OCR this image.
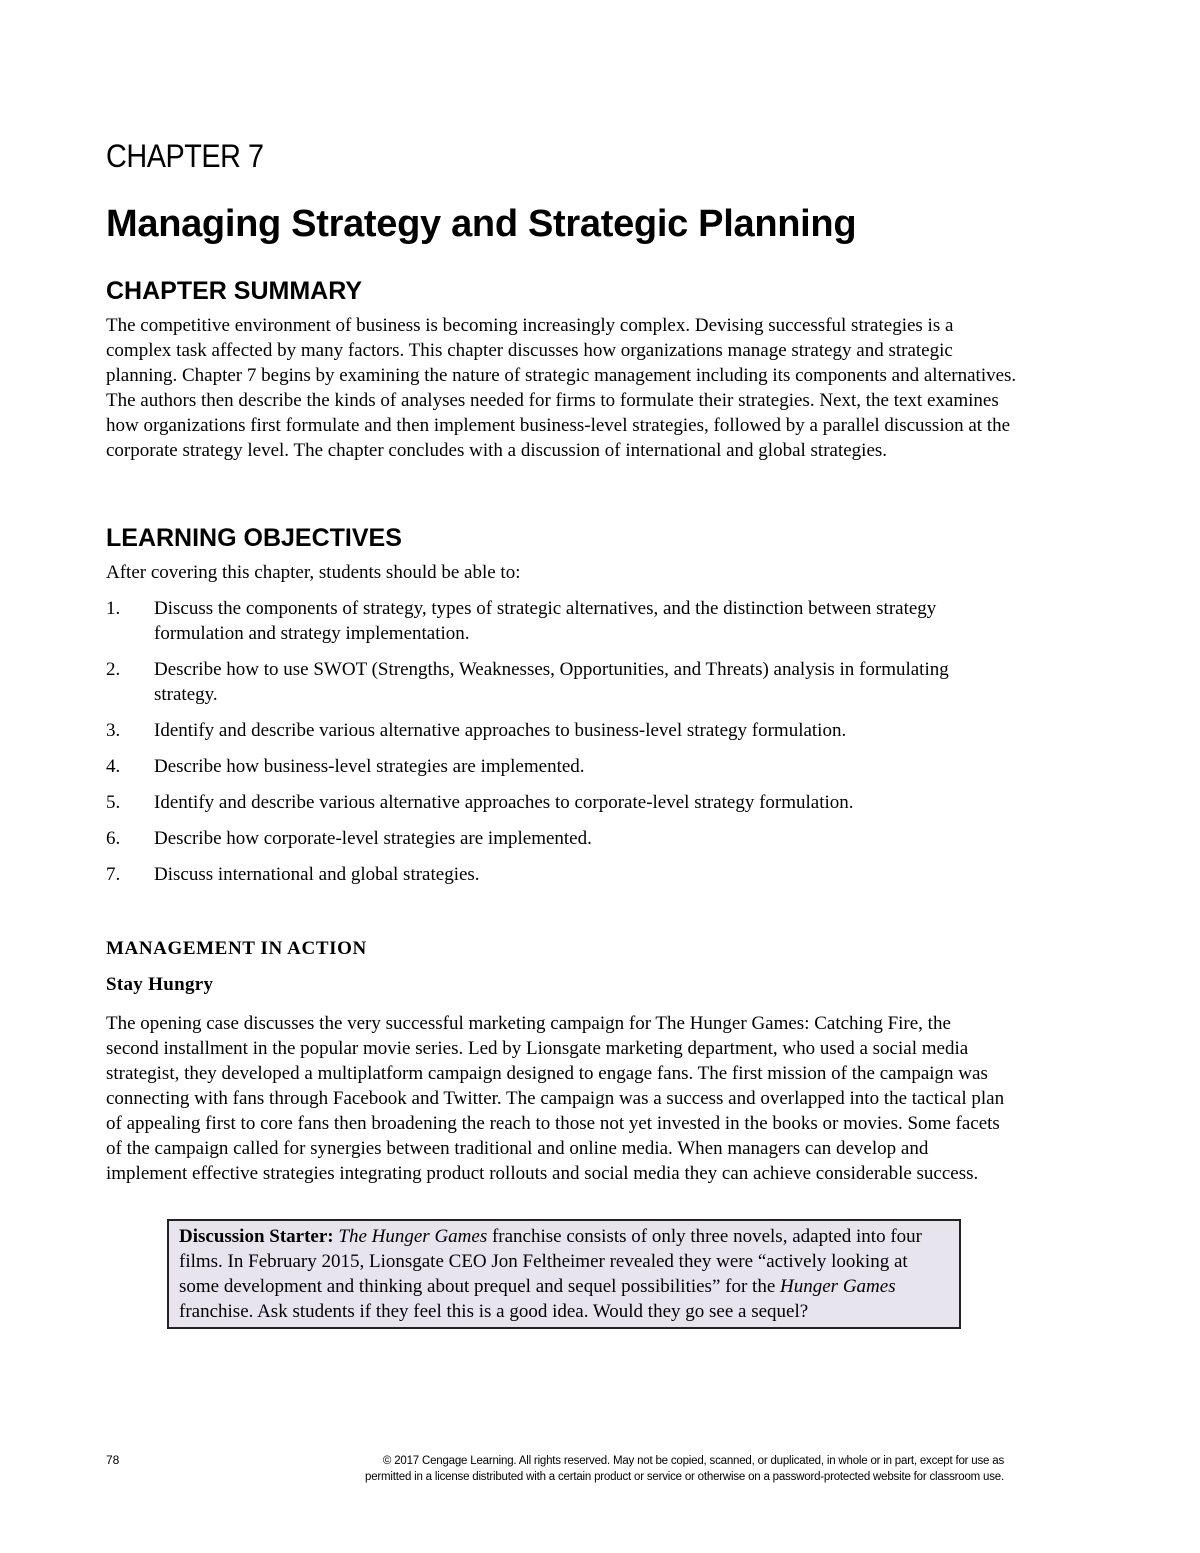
CHAPTER 7
Managing Strategy and Strategic Planning
CHAPTER SUMMARY

The competitive environment of business is becoming increasingly complex. Devising successful strategies is a complex task affected by many factors. This chapter discusses how organizations manage strategy and strategic planning. Chapter 7 begins by examining the nature of strategic management including its components and alternatives. The authors then describe the kinds of analyses needed for firms to formulate their strategies. Next, the text examines how organizations first formulate and then implement business-level strategies, followed by a parallel discussion at the corporate strategy level. The chapter concludes with a discussion of international and global strategies.

LEARNING OBJECTIVES

After covering this chapter, students should be able to:

1. Discuss the components of strategy, types of strategic alternatives, and the distinction between strategy formulation and strategy implementation.
2. Describe how to use SWOT (Strengths, Weaknesses, Opportunities, and Threats) analysis in formulating strategy.
3. Identify and describe various alternative approaches to business-level strategy formulation.
4. Describe how business-level strategies are implemented.
5. Identify and describe various alternative approaches to corporate-level strategy formulation.
6. Describe how corporate-level strategies are implemented.
7. Discuss international and global strategies.
MANAGEMENT IN ACTION
Stay Hungry

The opening case discusses the very successful marketing campaign for The Hunger Games: Catching Fire, the second installment in the popular movie series. Led by Lionsgate marketing department, who used a social media strategist, they developed a multiplatform campaign designed to engage fans. The first mission of the campaign was connecting with fans through Facebook and Twitter. The campaign was a success and overlapped into the tactical plan of appealing first to core fans then broadening the reach to those not yet invested in the books or movies. Some facets of the campaign called for synergies between traditional and online media. When managers can develop and implement effective strategies integrating product rollouts and social media they can achieve considerable success.

Discussion Starter: The Hunger Games franchise consists of only three novels, adapted into four films. In February 2015, Lionsgate CEO Jon Feltheimer revealed they were “actively looking at some development and thinking about prequel and sequel possibilities” for the Hunger Games franchise. Ask students if they feel this is a good idea. Would they go see a sequel?
78	© 2017 Cengage Learning. All rights reserved. May not be copied, scanned, or duplicated, in whole or in part, except for use as
permitted in a license distributed with a certain product or service or otherwise on a password-protected website for classroom use.
